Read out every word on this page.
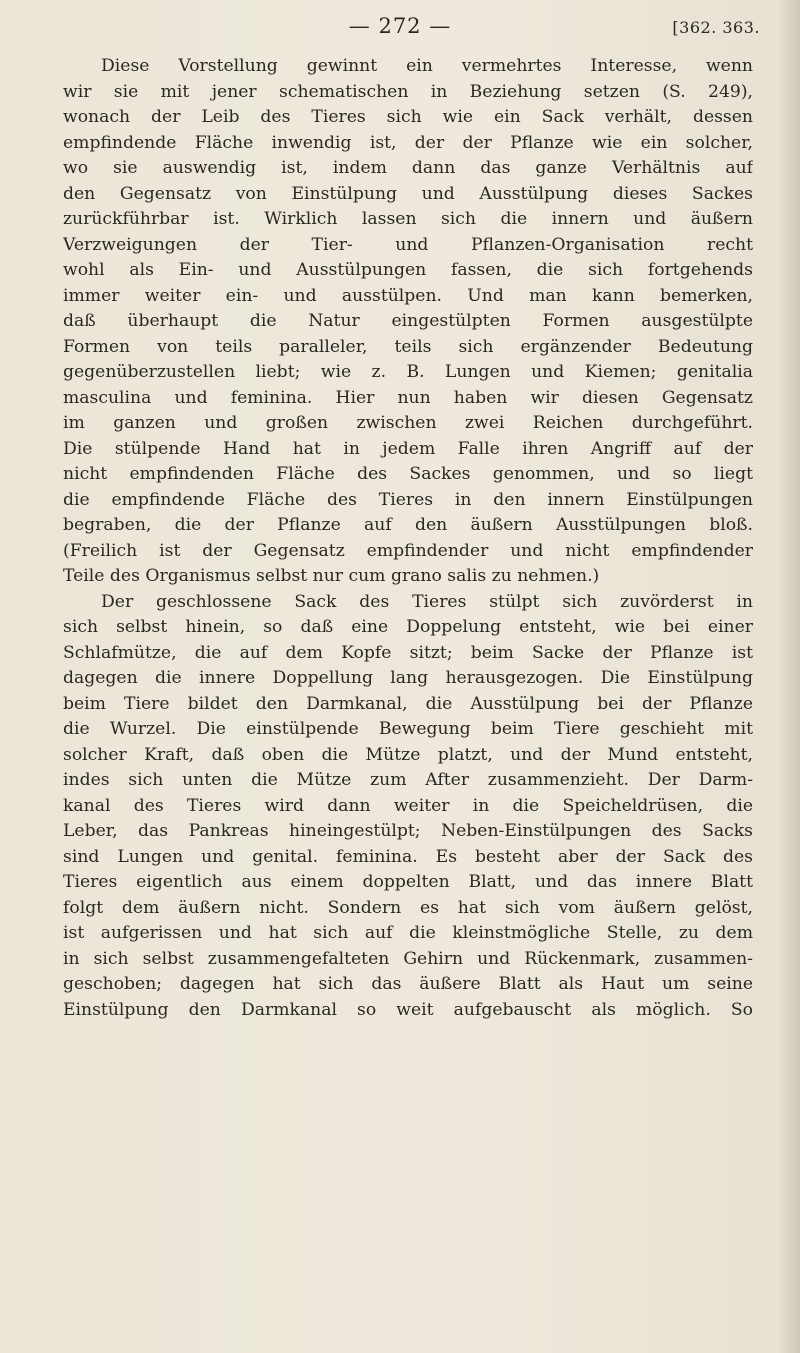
— 272 —	[362. 363.
Diese Vorstellung gewinnt ein vermehrtes Interesse, wenn
wir sie mit jener schematischen in Beziehung setzen (S. 249),
wonach der Leib des Tieres sich wie ein Sack verhält, dessen
empfindende Fläche inwendig ist, der der Pflanze wie ein solcher,
wo sie auswendig ist, indem dann das ganze Verhältnis auf
den Gegensatz von Einstülpung und Ausstülpung dieses Sackes
zurückführbar ist. Wirklich lassen sich die innern und äußern
Verzweigungen der Tier- und Pflanzen-Organisation recht
wohl als Ein- und Ausstülpungen fassen, die sich fortgehends
immer weiter ein- und ausstülpen. Und man kann bemerken,
daß überhaupt die Natur eingestülpten Formen ausgestülpte
Formen von teils paralleler, teils sich ergänzender Bedeutung
gegenüberzustellen liebt; wie z. B. Lungen und Kiemen; genitalia
masculina und feminina. Hier nun haben wir diesen Gegensatz
im ganzen und großen zwischen zwei Reichen durchgeführt.
Die stülpende Hand hat in jedem Falle ihren Angriff auf der
nicht empfindenden Fläche des Sackes genommen, und so liegt
die empfindende Fläche des Tieres in den innern Einstülpungen
begraben, die der Pflanze auf den äußern Ausstülpungen bloß.
(Freilich ist der Gegensatz empfindender und nicht empfindender
Teile des Organismus selbst nur cum grano salis zu nehmen.)
Der geschlossene Sack des Tieres stülpt sich zuvörderst in
sich selbst hinein, so daß eine Doppelung entsteht, wie bei einer
Schlafmütze, die auf dem Kopfe sitzt; beim Sacke der Pflanze ist
dagegen die innere Doppellung lang herausgezogen. Die Einstülpung
beim Tiere bildet den Darmkanal, die Ausstülpung bei der Pflanze
die Wurzel. Die einstülpende Bewegung beim Tiere geschieht mit
solcher Kraft, daß oben die Mütze platzt, und der Mund entsteht,
indes sich unten die Mütze zum After zusammenzieht. Der Darm-
kanal des Tieres wird dann weiter in die Speicheldrüsen, die
Leber, das Pankreas hineingestülpt; Neben-Einstülpungen des Sacks
sind Lungen und genital. feminina. Es besteht aber der Sack des
Tieres eigentlich aus einem doppelten Blatt, und das innere Blatt
folgt dem äußern nicht. Sondern es hat sich vom äußern gelöst,
ist aufgerissen und hat sich auf die kleinstmögliche Stelle, zu dem
in sich selbst zusammengefalteten Gehirn und Rückenmark, zusammen-
geschoben; dagegen hat sich das äußere Blatt als Haut um seine
Einstülpung den Darmkanal so weit aufgebauscht als möglich. So
